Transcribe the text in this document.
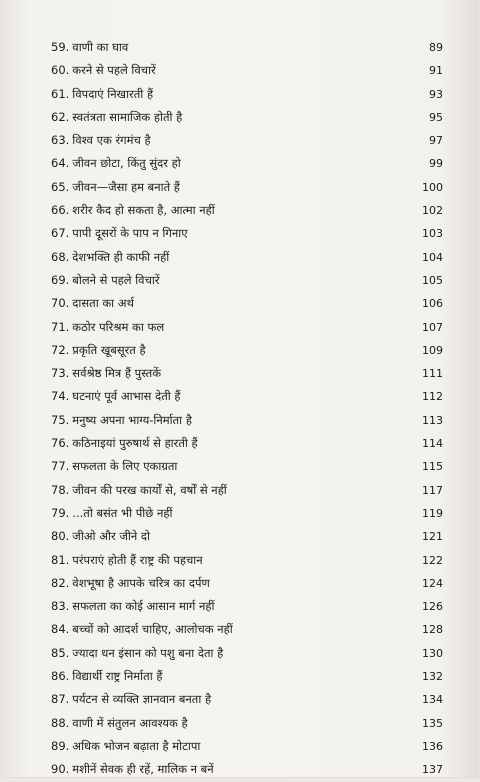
59. वाणी का घाव	89
60. करने से पहले विचारें	91
61. विपदाएं निखारती हैं	93
62. स्वतंत्रता सामाजिक होती है	95
63. विश्व एक रंगमंच है	97
64. जीवन छोटा, किंतु सुंदर हो	99
65. जीवन—जैसा हम बनाते हैं	100
66. शरीर कैद हो सकता है, आत्मा नहीं	102
67. पापी दूसरों के पाप न गिनाए	103
68. देशभक्ति ही काफी नहीं	104
69. बोलने से पहले विचारें	105
70. दासता का अर्थ	106
71. कठोर परिश्रम का फल	107
72. प्रकृति खूबसूरत है	109
73. सर्वश्रेष्ठ मित्र हैं पुस्तकें	111
74. घटनाएं पूर्व आभास देती हैं	112
75. मनुष्य अपना भाग्य-निर्माता है	113
76. कठिनाइयां पुरुषार्थ से हारती हैं	114
77. सफलता के लिए एकाग्रता	115
78. जीवन की परख कार्यों से, वर्षों से नहीं	117
79. ...तो बसंत भी पीछे नहीं	119
80. जीओ और जीने दो	121
81. परंपराएं होती हैं राष्ट्र की पहचान	122
82. वेशभूषा है आपके चरित्र का दर्पण	124
83. सफलता का कोई आसान मार्ग नहीं	126
84. बच्चों को आदर्श चाहिए, आलोचक नहीं	128
85. ज्यादा धन इंसान को पशु बना देता है	130
86. विद्यार्थी राष्ट्र निर्माता हैं	132
87. पर्यटन से व्यक्ति ज्ञानवान बनता है	134
88. वाणी में संतुलन आवश्यक है	135
89. अधिक भोजन बढ़ाता है मोटापा	136
90. मशीनें सेवक ही रहें, मालिक न बनें	137
